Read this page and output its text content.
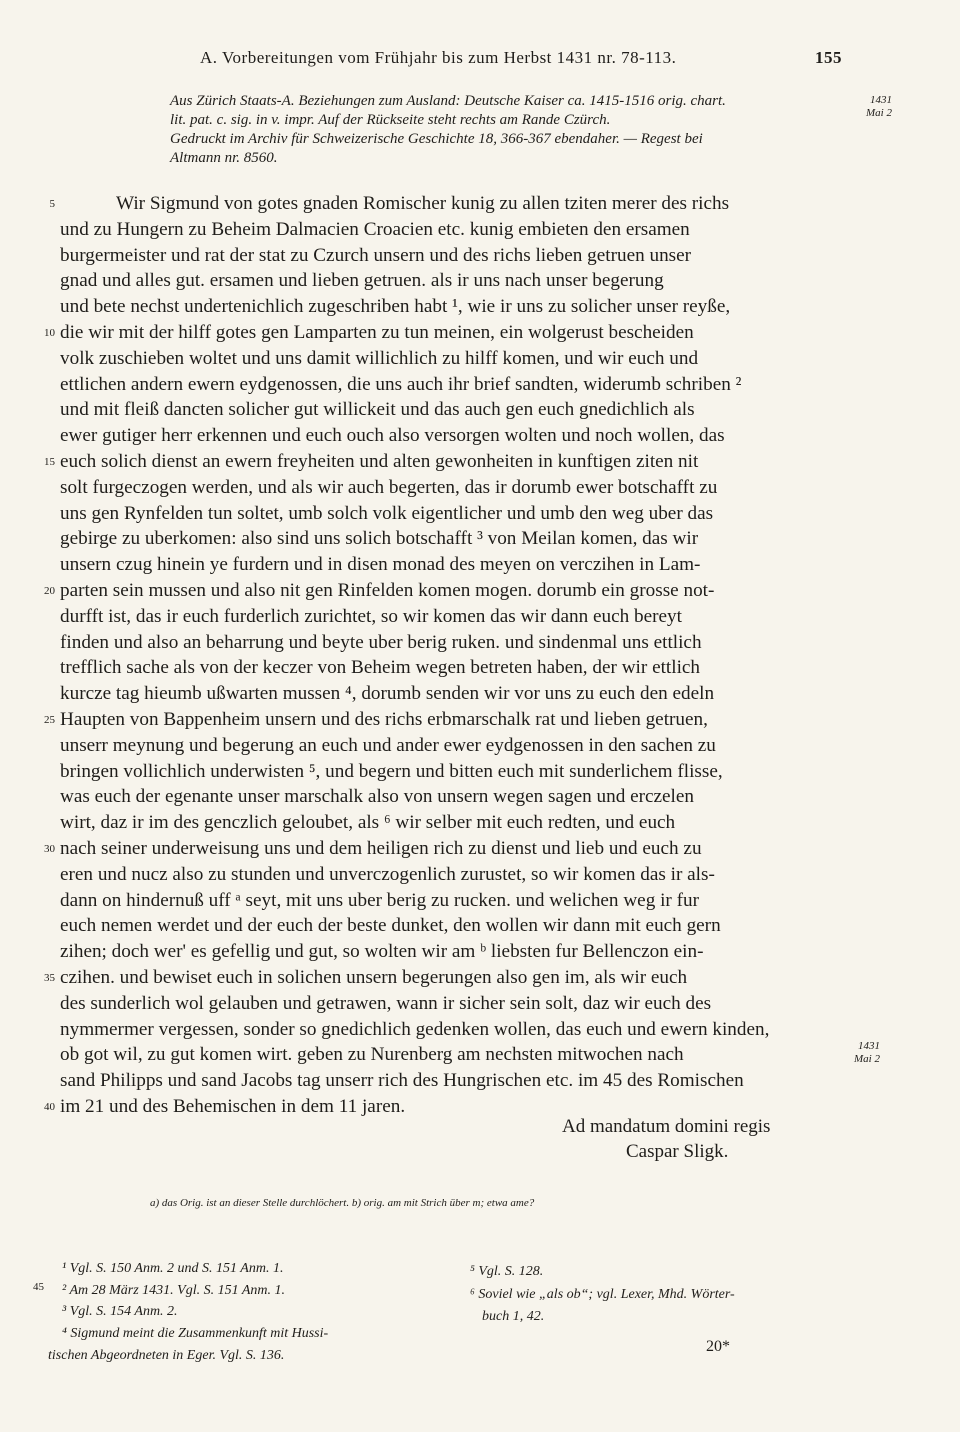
A. Vorbereitungen vom Frühjahr bis zum Herbst 1431 nr. 78-113.	155
Aus Zürich Staats-A. Beziehungen zum Ausland: Deutsche Kaiser ca. 1415-1516 orig. chart.
lit. pat. c. sig. in v. impr. Auf der Rückseite steht rechts am Rande Czürch.
Gedruckt im Archiv für Schweizerische Geschichte 18, 366-367 ebendaher. — Regest bei
Altmann nr. 8560.
1431
Mai 2
1431
Mai 2
5	Wir Sigmund von gotes gnaden Romischer kunig zu allen tziten merer des richs
und zu Hungern zu Beheim Dalmacien Croacien etc. kunig embieten den ersamen
burgermeister und rat der stat zu Czurch unsern und des richs lieben getruen unser
gnad und alles gut. ersamen und lieben getruen. als ir uns nach unser begerung
und bete nechst undertenichlich zugeschriben habt ¹, wie ir uns zu solicher unser reyße,
10 die wir mit der hilff gotes gen Lamparten zu tun meinen, ein wolgerust bescheiden
volk zuschieben woltet und uns damit willichlich zu hilff komen, und wir euch und
ettlichen andern ewern eydgenossen, die uns auch ihr brief sandten, widerumb schriben ²
und mit fleiß dancten solicher gut willickeit und das auch gen euch gnedichlich als
ewer gutiger herr erkennen und euch ouch also versorgen wolten und noch wollen, das
15 euch solich dienst an ewern freyheiten und alten gewonheiten in kunftigen ziten nit
solt furgeczogen werden, und als wir auch begerten, das ir dorumb ewer botschafft zu
uns gen Rynfelden tun soltet, umb solch volk eigentlicher und umb den weg uber das
gebirge zu uberkomen: also sind uns solich botschafft ³ von Meilan komen, das wir
unsern czug hinein ye furdern und in disen monad des meyen on verczihen in Lam-
20 parten sein mussen und also nit gen Rinfelden komen mogen. dorumb ein grosse not-
durfft ist, das ir euch furderlich zurichtet, so wir komen das wir dann euch bereyt
finden und also an beharrung und beyte uber berig ruken. und sindenmal uns ettlich
trefflich sache als von der keczer von Beheim wegen betreten haben, der wir ettlich
kurcze tag hieumb ußwarten mussen ⁴, dorumb senden wir vor uns zu euch den edeln
25 Haupten von Bappenheim unsern und des richs erbmarschalk rat und lieben getruen,
unserr meynung und begerung an euch und ander ewer eydgenossen in den sachen zu
bringen vollichlich underwisten ⁵, und begern und bitten euch mit sunderlichem flisse,
was euch der egenante unser marschalk also von unsern wegen sagen und erczelen
wirt, daz ir im des genczlich geloubet, als ⁶ wir selber mit euch redten, und euch
30 nach seiner underweisung uns und dem heiligen rich zu dienst und lieb und euch zu
eren und nucz also zu stunden und unverczogenlich zurustet, so wir komen das ir als-
dann on hindernuß uff ᵃ seyt, mit uns uber berig zu rucken. und welichen weg ir fur
euch nemen werdet und der euch der beste dunket, den wollen wir dann mit euch gern
zihen; doch wer' es gefellig und gut, so wolten wir am ᵇ liebsten fur Bellenczon ein-
35 czihen. und bewiset euch in solichen unsern begerungen also gen im, als wir euch
des sunderlich wol gelauben und getrawen, wann ir sicher sein solt, daz wir euch des
nymmermer vergessen, sonder so gnedichlich gedenken wollen, das euch und ewern kinden,
ob got wil, zu gut komen wirt. geben zu Nurenberg am nechsten mitwochen nach
sand Philipps und sand Jacobs tag unserr rich des Hungrischen etc. im 45 des Romischen
40 im 21 und des Behemischen in dem 11 jaren.
Ad mandatum domini regis
Caspar Sligk.
a) das Orig. ist an dieser Stelle durchlöchert. b) orig. am mit Strich über m; etwa ame?
45
¹ Vgl. S. 150 Anm. 2 und S. 151 Anm. 1.
² Am 28 März 1431. Vgl. S. 151 Anm. 1.
³ Vgl. S. 154 Anm. 2.
⁴ Sigmund meint die Zusammenkunft mit Hussi-
tischen Abgeordneten in Eger. Vgl. S. 136.
⁵ Vgl. S. 128.
⁶ Soviel wie „als ob“; vgl. Lexer, Mhd. Wörter-
buch 1, 42.
20*
